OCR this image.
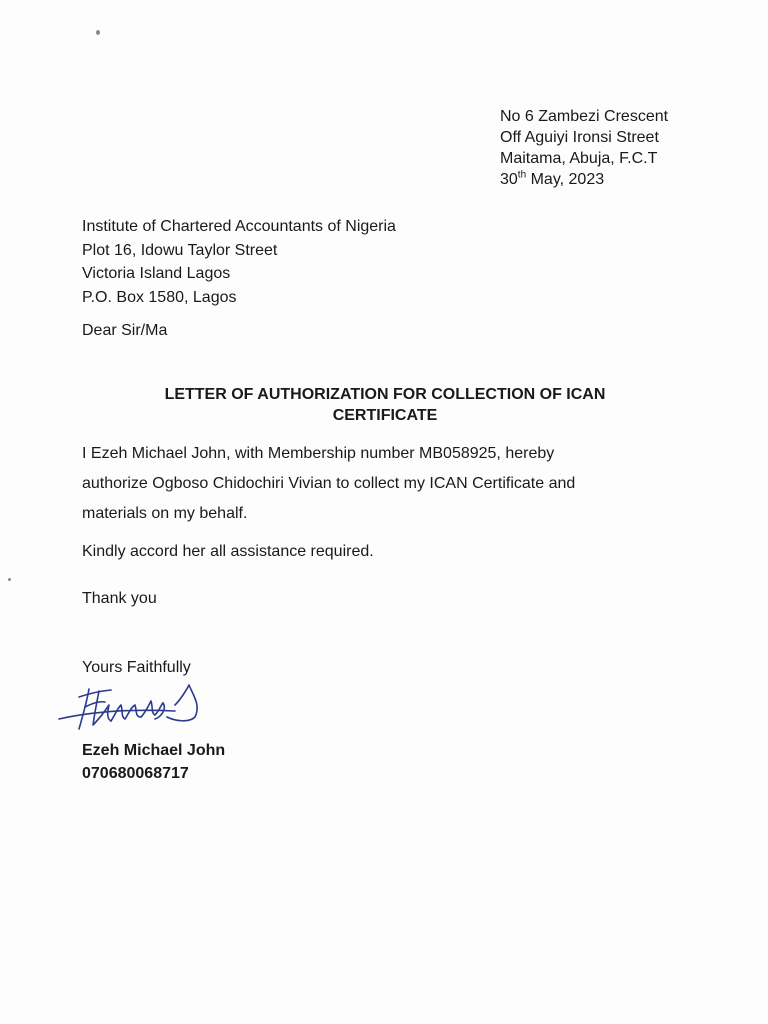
No 6 Zambezi Crescent
Off Aguiyi Ironsi Street
Maitama, Abuja, F.C.T
30th May, 2023
Institute of Chartered Accountants of Nigeria
Plot 16, Idowu Taylor Street
Victoria Island Lagos
P.O. Box 1580, Lagos
Dear Sir/Ma
LETTER OF AUTHORIZATION FOR COLLECTION OF ICAN
CERTIFICATE
I Ezeh Michael John, with Membership number MB058925, hereby
authorize Ogboso Chidochiri Vivian to collect my ICAN Certificate and
materials on my behalf.
Kindly accord her all assistance required.
Thank you
Yours Faithfully
Ezeh Michael John
070680068717
